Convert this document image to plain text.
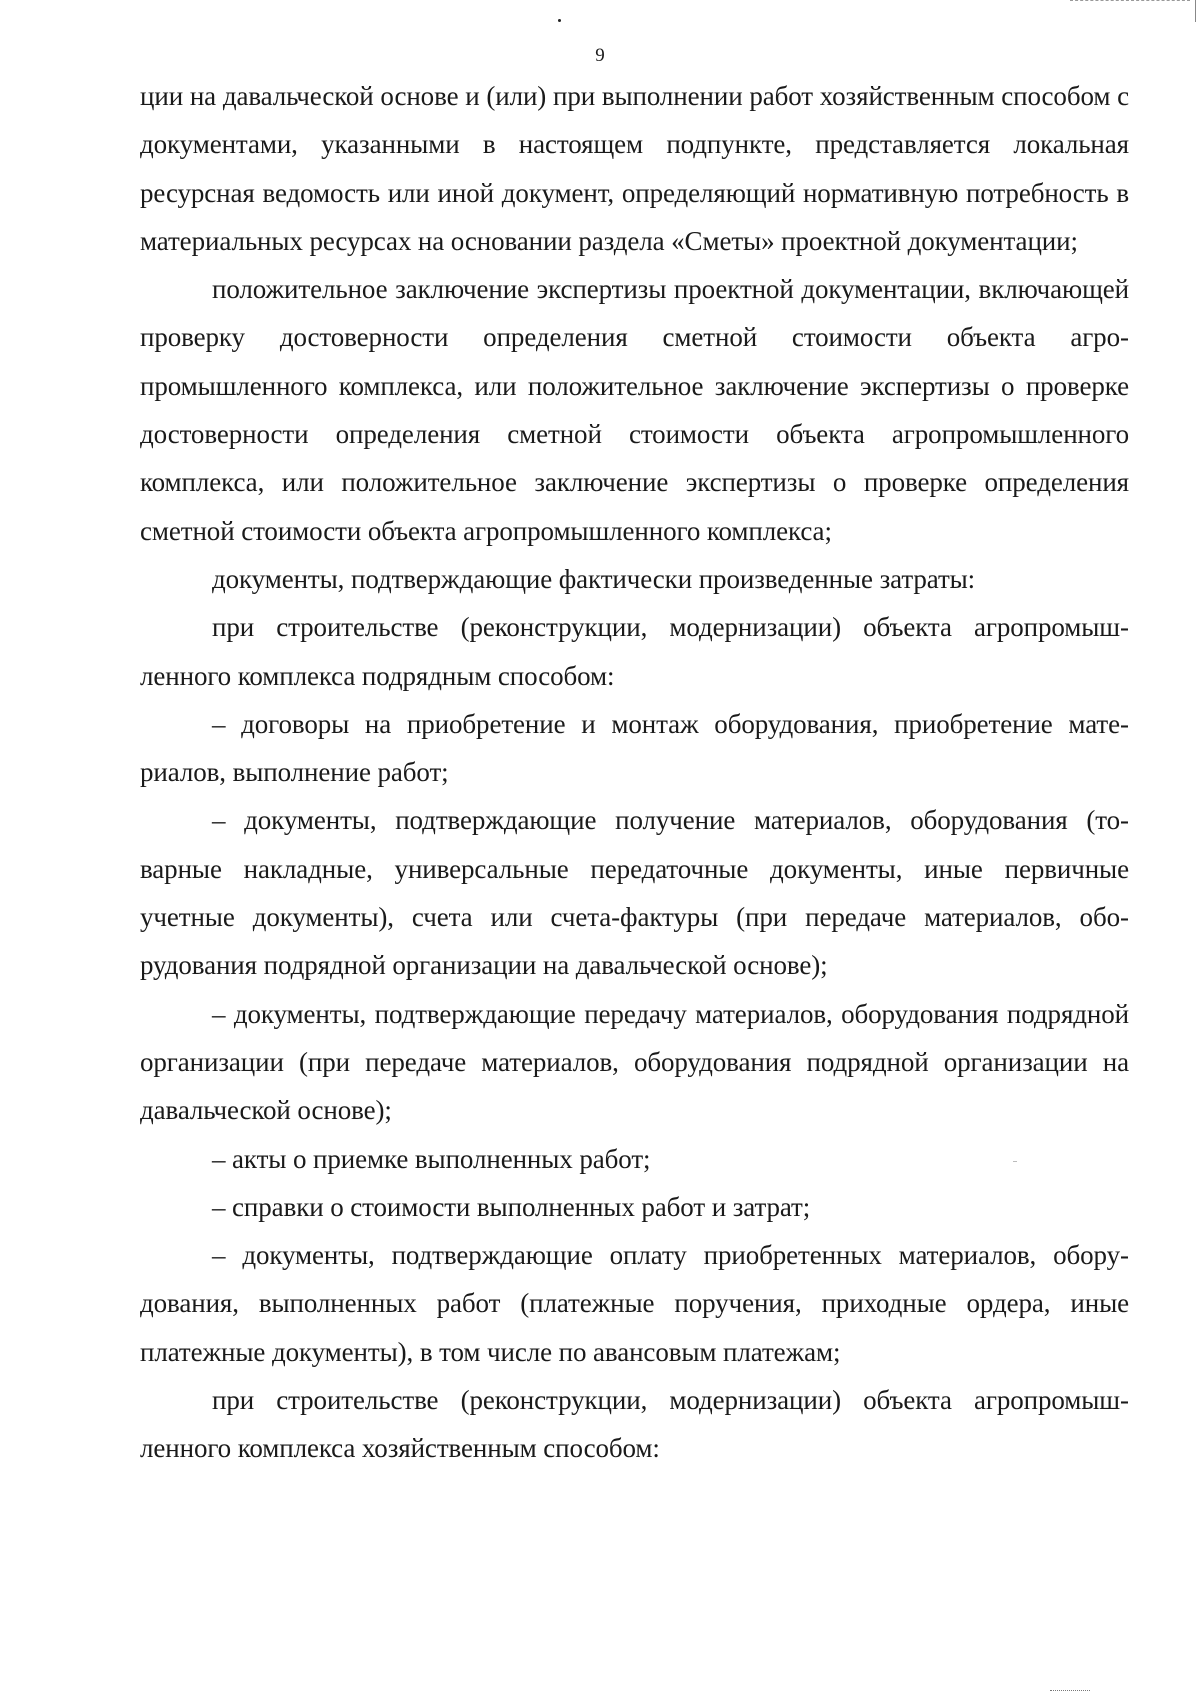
9

ции на давальческой основе и (или) при выполнении работ хозяйственным способом с документами, указанными в настоящем подпункте, представляется локальная ресурсная ведомость или иной документ, определяющий нормативную потребность в материальных ресурсах на основании раздела «Сметы» проектной документации;

положительное заключение экспертизы проектной документации, включающей проверку достоверности определения сметной стоимости объекта агропромышленного комплекса, или положительное заключение экспертизы о проверке достоверности определения сметной стоимости объекта агропромышленного комплекса, или положительное заключение экспертизы о проверке определения сметной стоимости объекта агропромышленного комплекса;

документы, подтверждающие фактически произведенные затраты:

при строительстве (реконструкции, модернизации) объекта агропромышленного комплекса подрядным способом:

– договоры на приобретение и монтаж оборудования, приобретение материалов, выполнение работ;

– документы, подтверждающие получение материалов, оборудования (товарные накладные, универсальные передаточные документы, иные первичные учетные документы), счета или счета-фактуры (при передаче материалов, оборудования подрядной организации на давальческой основе);

– документы, подтверждающие передачу материалов, оборудования подрядной организации (при передаче материалов, оборудования подрядной организации на давальческой основе);

– акты о приемке выполненных работ;

– справки о стоимости выполненных работ и затрат;

– документы, подтверждающие оплату приобретенных материалов, оборудования, выполненных работ (платежные поручения, приходные ордера, иные платежные документы), в том числе по авансовым платежам;

при строительстве (реконструкции, модернизации) объекта агропромышленного комплекса хозяйственным способом:
